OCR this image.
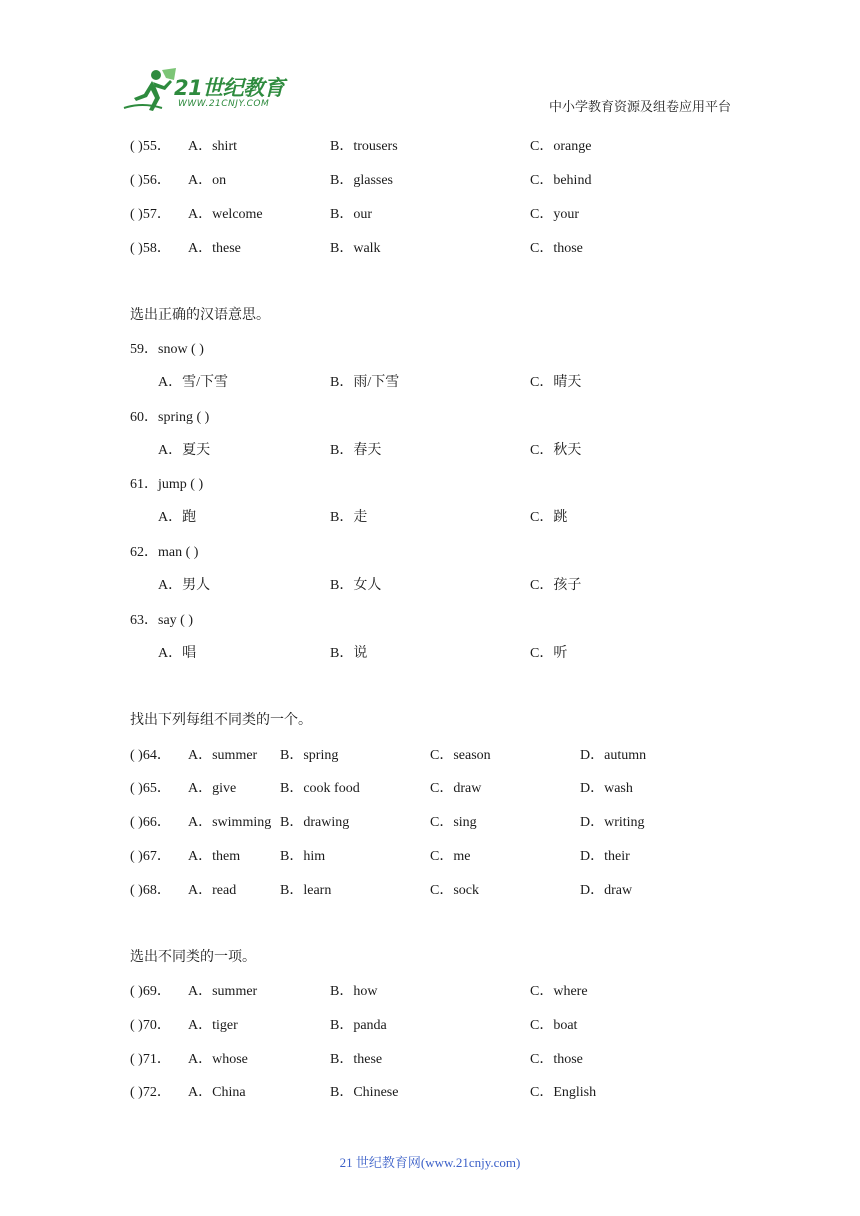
21世纪教育
WWW.21CNJY.COM	中小学教育资源及组卷应用平台
( )55． A．shirt	B．trousers	C．orange
( )56． A．on	B．glasses	C．behind
( )57． A．welcome	B．our	C．your
( )58． A．these	B．walk	C．those
选出正确的汉语意思。
59．snow ( )
A．雪/下雪	B．雨/下雪	C．晴天
60．spring ( )
A．夏天	B．春天	C．秋天
61．jump ( )
A．跑	B．走	C．跳
62．man ( )
A．男人	B．女人	C．孩子
63．say ( )
A．唱	B．说	C．听
找出下列每组不同类的一个。
( )64． A．summer B．spring	C．season	D．autumn
( )65． A．give	B．cook food	C．draw	D．wash
( )66． A．swimming B．drawing	C．sing	D．writing
( )67． A．them	B．him	C．me	D．their
( )68． A．read	B．learn	C．sock	D．draw
选出不同类的一项。
( )69． A．summer	B．how	C．where
( )70． A．tiger	B．panda	C．boat
( )71． A．whose	B．these	C．those
( )72． A．China	B．Chinese	C．English
21 世纪教育网(www.21cnjy.com)
